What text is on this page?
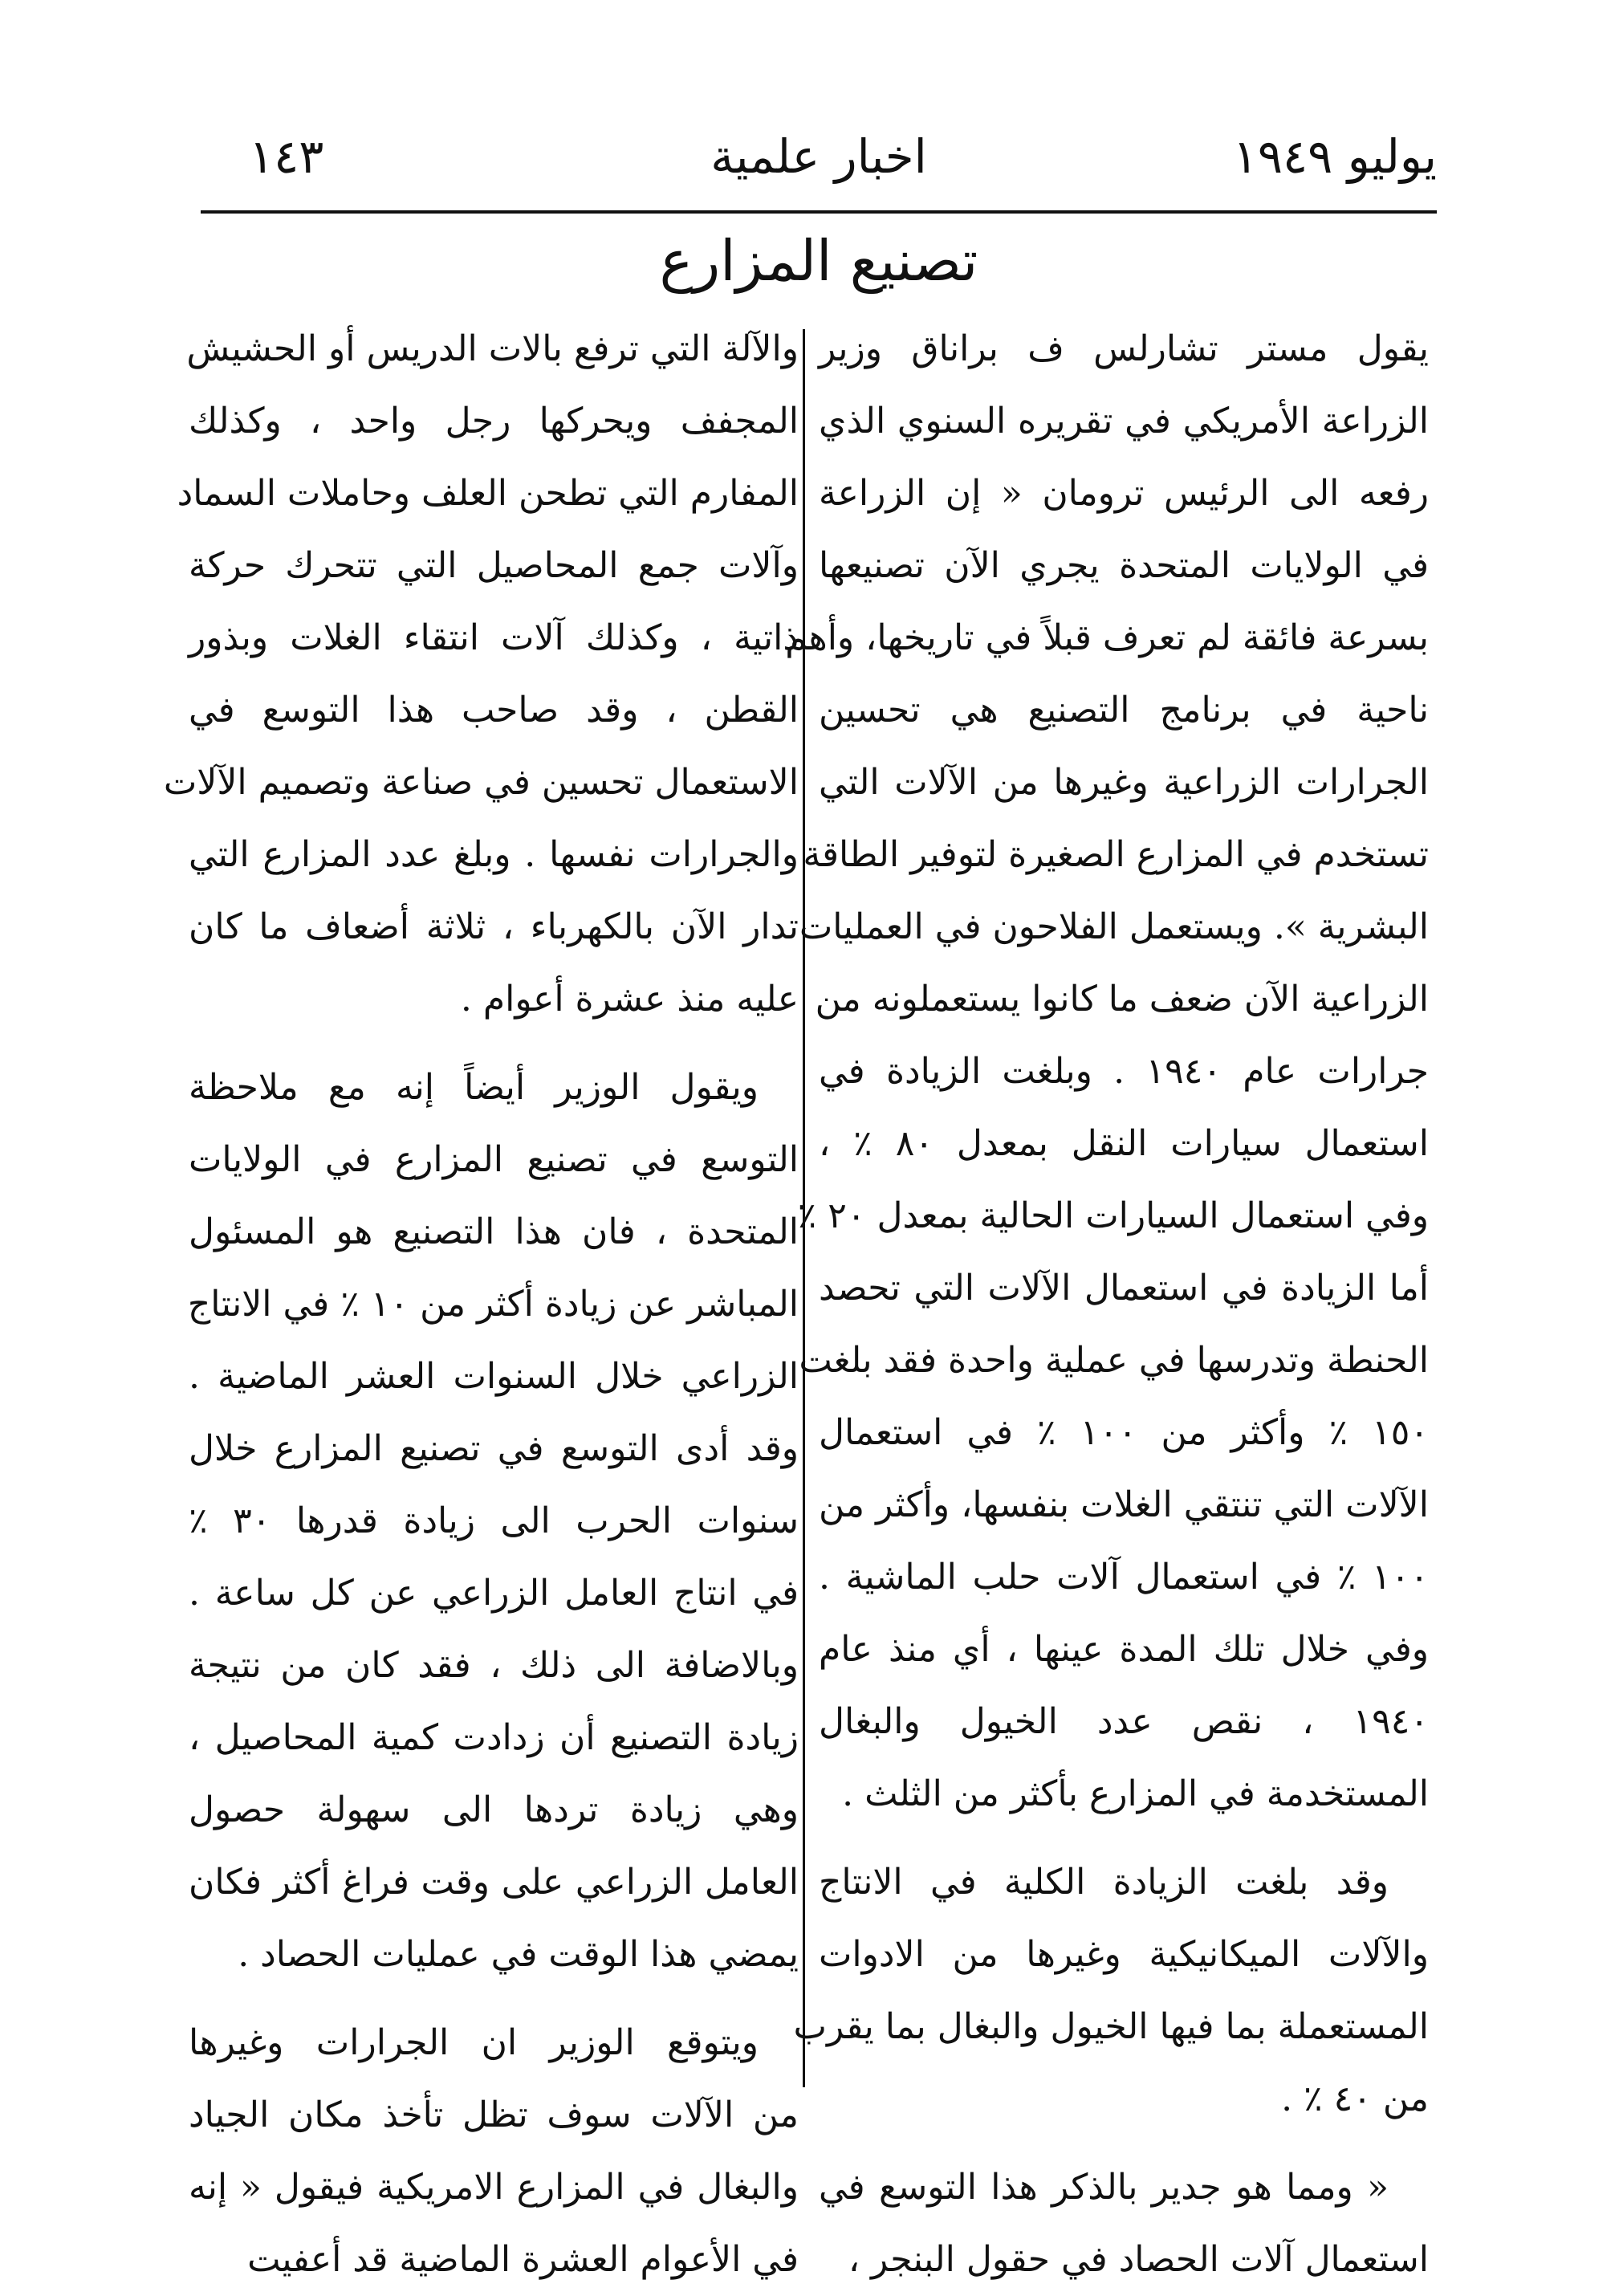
يوليو ١٩٤٩
اخبار علمية
١٤٣
تصنيع المزارع
يقول مستر تشارلس ف براناق وزير
الزراعة الأمريكي في تقريره السنوي الذي
رفعه الى الرئيس ترومان « إن الزراعة
في الولايات المتحدة يجري الآن تصنيعها
بسرعة فائقة لم تعرف قبلاً في تاريخها، وأهم
ناحية في برنامج التصنيع هي تحسين
الجرارات الزراعية وغيرها من الآلات التي
تستخدم في المزارع الصغيرة لتوفير الطاقة
البشرية ». ويستعمل الفلاحون في العمليات
الزراعية الآن ضعف ما كانوا يستعملونه من
جرارات عام ١٩٤٠ . وبلغت الزيادة في
استعمال سيارات النقل بمعدل ٨٠ ٪ ،
وفي استعمال السيارات الحالية بمعدل ٢٠ ٪
أما الزيادة في استعمال الآلات التي تحصد
الحنطة وتدرسها في عملية واحدة فقد بلغت
١٥٠ ٪ وأكثر من ١٠٠ ٪ في استعمال
الآلات التي تنتقي الغلات بنفسها، وأكثر من
١٠٠ ٪ في استعمال آلات حلب الماشية .
وفي خلال تلك المدة عينها ، أي منذ عام
١٩٤٠ ، نقص عدد الخيول والبغال
المستخدمة في المزارع بأكثر من الثلث .
وقد بلغت الزيادة الكلية في الانتاج
والآلات الميكانيكية وغيرها من الادوات
المستعملة بما فيها الخيول والبغال بما يقرب
من ٤٠ ٪ .
« ومما هو جدير بالذكر هذا التوسع في
استعمال آلات الحصاد في حقول البنجر ،
والآلة التي ترفع بالات الدريس أو الحشيش
المجفف ويحركها رجل واحد ، وكذلك
المفارم التي تطحن العلف وحاملات السماد
وآلات جمع المحاصيل التي تتحرك حركة
ذاتية ، وكذلك آلات انتقاء الغلات وبذور
القطن ، وقد صاحب هذا التوسع في
الاستعمال تحسين في صناعة وتصميم الآلات
والجرارات نفسها . وبلغ عدد المزارع التي
تدار الآن بالكهرباء ، ثلاثة أضعاف ما كان
عليه منذ عشرة أعوام .
ويقول الوزير أيضاً إنه مع ملاحظة
التوسع في تصنيع المزارع في الولايات
المتحدة ، فان هذا التصنيع هو المسئول
المباشر عن زيادة أكثر من ١٠ ٪ في الانتاج
الزراعي خلال السنوات العشر الماضية .
وقد أدى التوسع في تصنيع المزارع خلال
سنوات الحرب الى زيادة قدرها ٣٠ ٪
في انتاج العامل الزراعي عن كل ساعة .
وبالاضافة الى ذلك ، فقد كان من نتيجة
زيادة التصنيع أن زدادت كمية المحاصيل ،
وهي زيادة تردها الى سهولة حصول
العامل الزراعي على وقت فراغ أكثر فكان
يمضي هذا الوقت في عمليات الحصاد .
ويتوقع الوزير ان الجرارات وغيرها
من الآلات سوف تظل تأخذ مكان الجياد
والبغال في المزارع الامريكية فيقول « إنه
في الأعوام العشرة الماضية قد أعفيت
